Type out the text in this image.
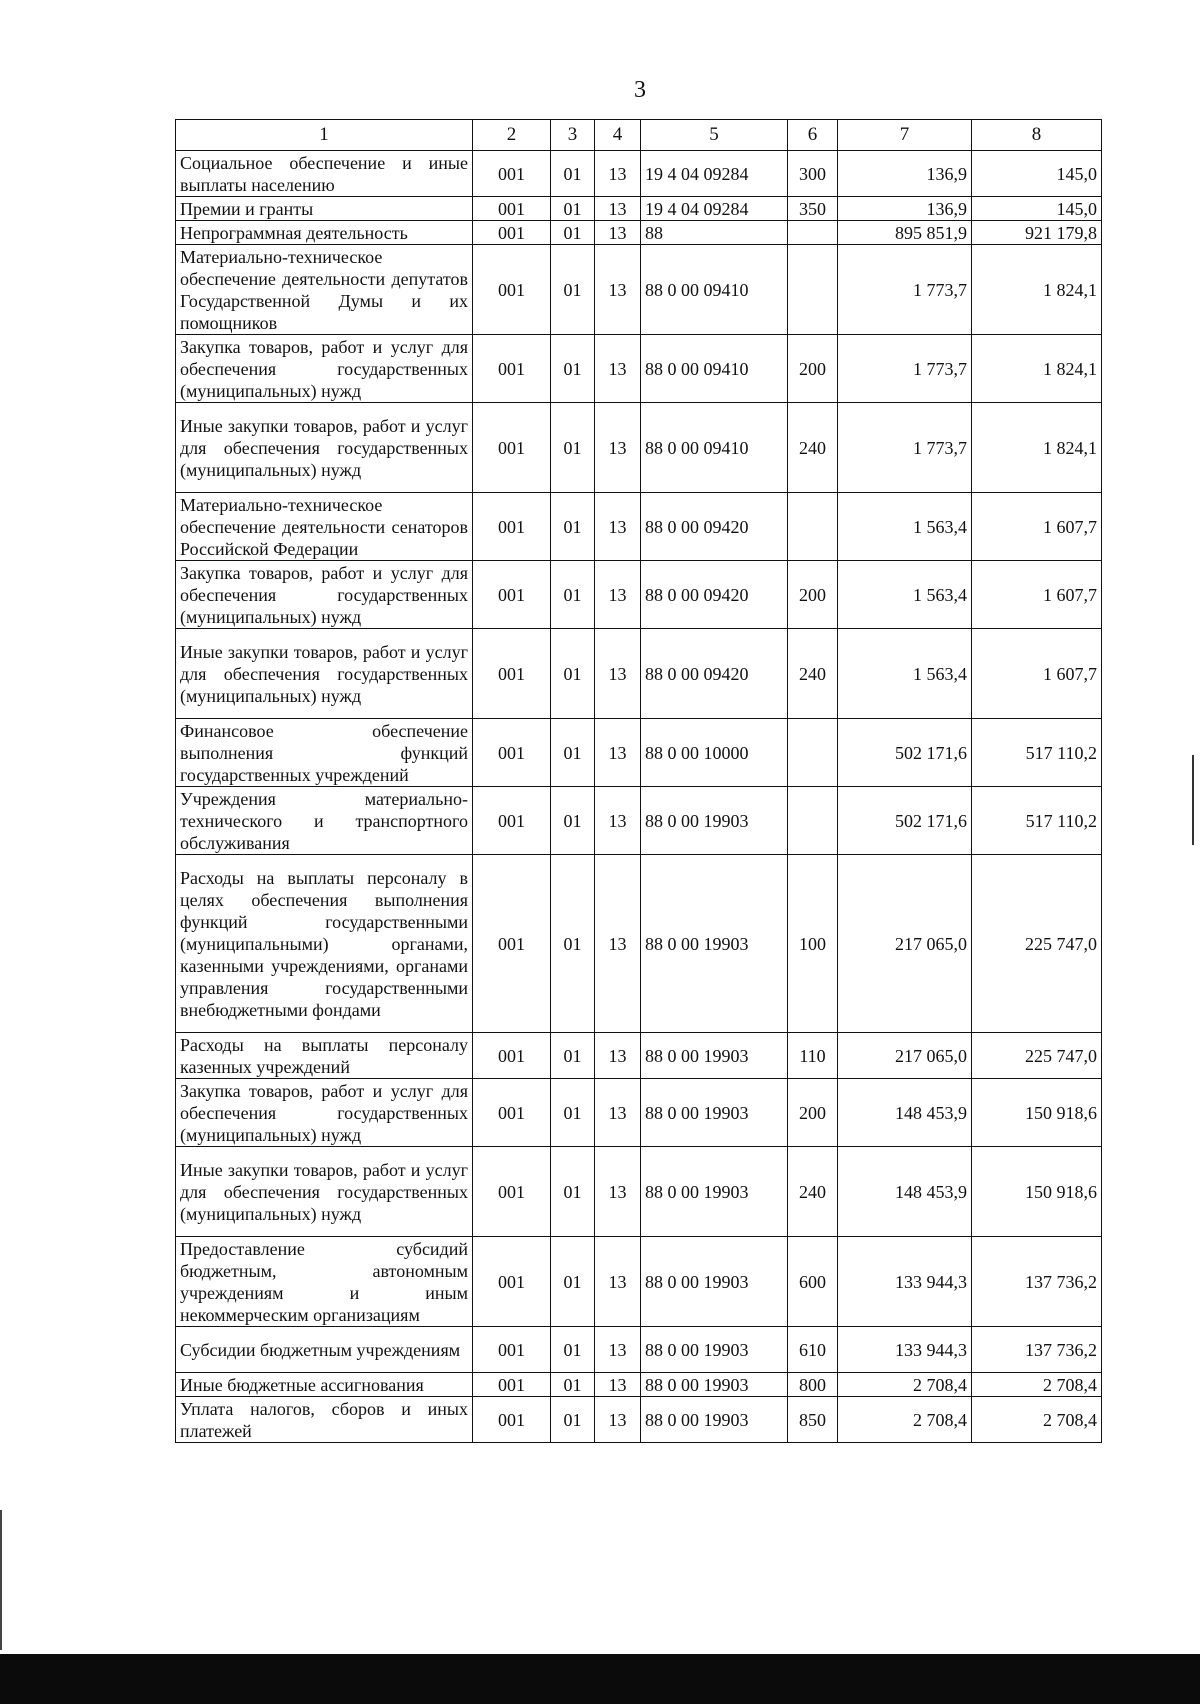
3
1	2	3	4	5	6	7	8
Социальное обеспечение и иные выплаты населению	001	01	13	19 4 04 09284	300	136,9	145,0
Премии и гранты	001	01	13	19 4 04 09284	350	136,9	145,0
Непрограммная деятельность	001	01	13	88		895 851,9	921 179,8
Материально-техническое обеспечение деятельности депутатов Государственной Думы и их помощников	001	01	13	88 0 00 09410		1 773,7	1 824,1
Закупка товаров, работ и услуг для обеспечения государственных (муниципальных) нужд	001	01	13	88 0 00 09410	200	1 773,7	1 824,1
Иные закупки товаров, работ и услуг для обеспечения государственных (муниципальных) нужд	001	01	13	88 0 00 09410	240	1 773,7	1 824,1
Материально-техническое обеспечение деятельности сенаторов Российской Федерации	001	01	13	88 0 00 09420		1 563,4	1 607,7
Закупка товаров, работ и услуг для обеспечения государственных (муниципальных) нужд	001	01	13	88 0 00 09420	200	1 563,4	1 607,7
Иные закупки товаров, работ и услуг для обеспечения государственных (муниципальных) нужд	001	01	13	88 0 00 09420	240	1 563,4	1 607,7
Финансовое обеспечение выполнения функций государственных учреждений	001	01	13	88 0 00 10000		502 171,6	517 110,2
Учреждения материально-технического и транспортного обслуживания	001	01	13	88 0 00 19903		502 171,6	517 110,2
Расходы на выплаты персоналу в целях обеспечения выполнения функций государственными (муниципальными) органами, казенными учреждениями, органами управления государственными внебюджетными фондами	001	01	13	88 0 00 19903	100	217 065,0	225 747,0
Расходы на выплаты персоналу казенных учреждений	001	01	13	88 0 00 19903	110	217 065,0	225 747,0
Закупка товаров, работ и услуг для обеспечения государственных (муниципальных) нужд	001	01	13	88 0 00 19903	200	148 453,9	150 918,6
Иные закупки товаров, работ и услуг для обеспечения государственных (муниципальных) нужд	001	01	13	88 0 00 19903	240	148 453,9	150 918,6
Предоставление субсидий бюджетным, автономным учреждениям и иным некоммерческим организациям	001	01	13	88 0 00 19903	600	133 944,3	137 736,2
Субсидии бюджетным учреждениям	001	01	13	88 0 00 19903	610	133 944,3	137 736,2
Иные бюджетные ассигнования	001	01	13	88 0 00 19903	800	2 708,4	2 708,4
Уплата налогов, сборов и иных платежей	001	01	13	88 0 00 19903	850	2 708,4	2 708,4
